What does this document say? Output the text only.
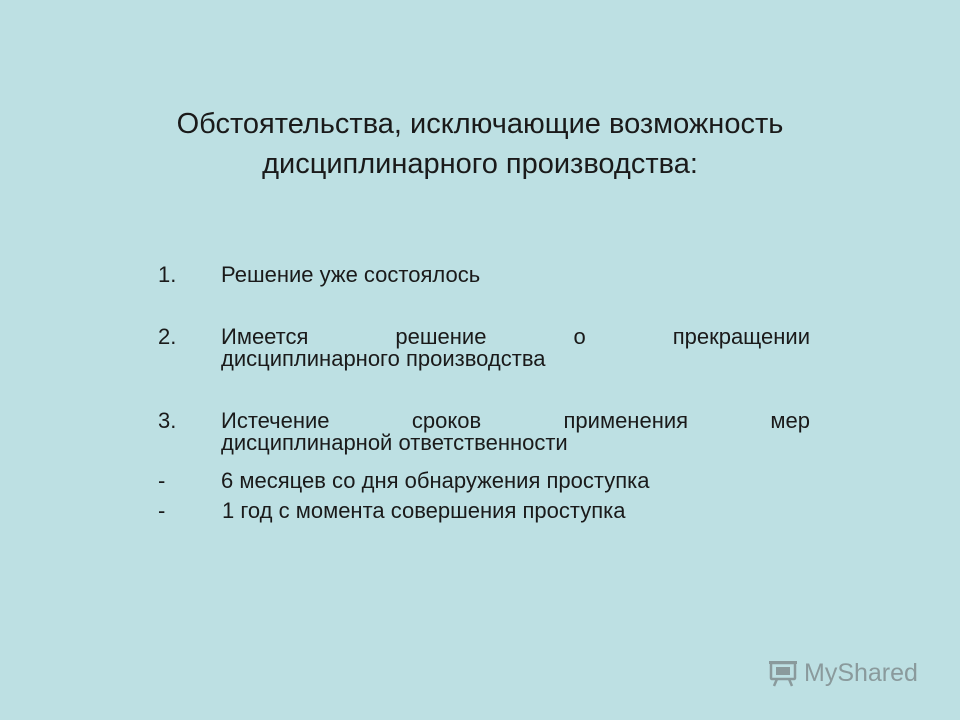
Обстоятельства, исключающие возможность
дисциплинарного производства:
1. Решение уже состоялось
2. Имеется решение о прекращении
дисциплинарного производства
3.	Истечение сроков применения мер
дисциплинарной ответственности
-	6 месяцев со дня обнаружения проступка
-	1 год с момента совершения проступка
MyShared
